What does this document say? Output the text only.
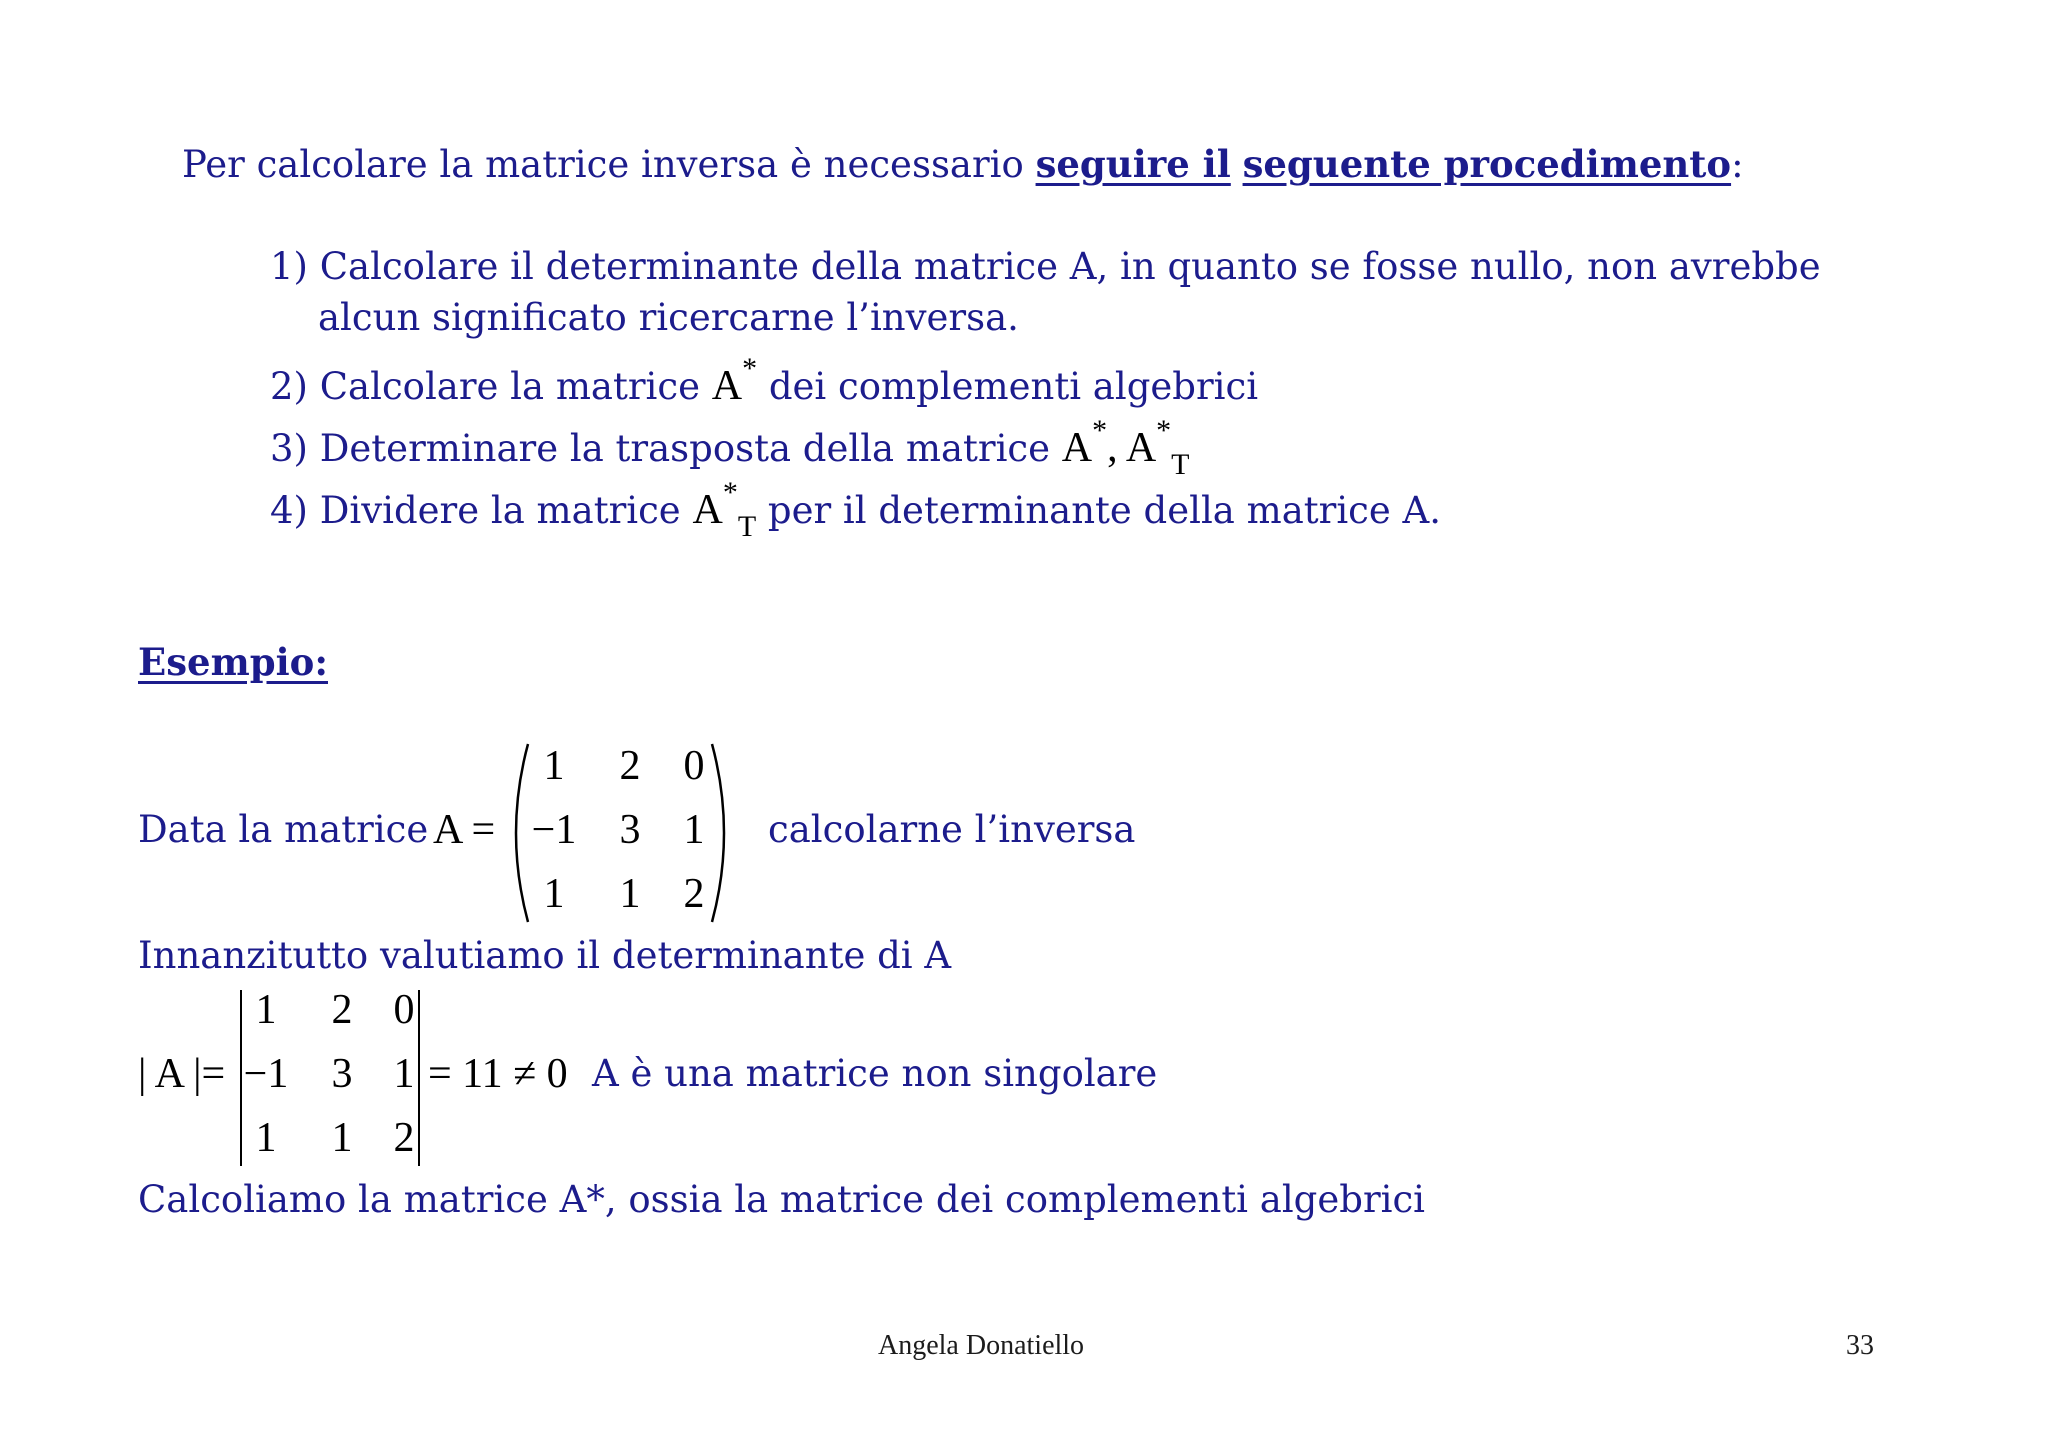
Per calcolare la matrice inversa è necessario seguire il seguente procedimento:
1) Calcolare il determinante della matrice A, in quanto se fosse nullo, non avrebbe
alcun significato ricercarne l’inversa.
2) Calcolare la matrice A* dei complementi algebrici
3) Determinare la trasposta della matrice A*, $A^*_T$
4) Dividere la matrice $A^*_T$ per il determinante della matrice A.
Esempio:
Data la matrice A =
1	2	0
−1	3	1
1	1	2
calcolarne l’inversa
Innanzitutto valutiamo il determinante di A
| A |=
1	2 0
−1	3 1
1	1 2
= 11 ≠ 0 A è una matrice non singolare
Calcoliamo la matrice A*, ossia la matrice dei complementi algebrici
Angela Donatiello	33
